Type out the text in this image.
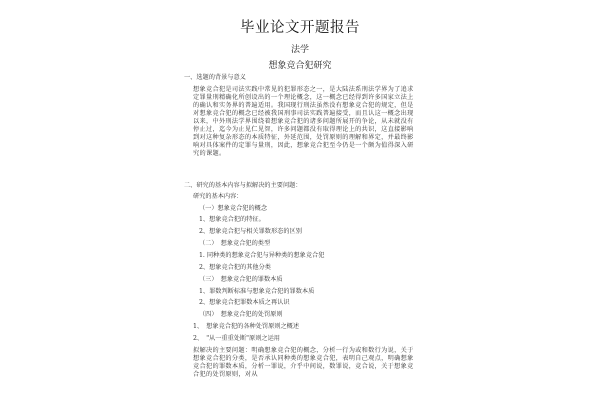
毕业论文开题报告
法学
想象竞合犯研究
一、选题的背景与意义
想象竞合犯是司法实践中常见的犯罪形态之一，是大陆法系刑法学界为了追求定罪量刑精确化所创设出的一个理论概念，这一概念已经得到许多国家立法上的确认和实务界的普遍适用。我国现行刑法虽然没有想象竞合犯的规定，但是对想象竞合犯的概念已经被我国刑事司法实践普遍接受，而且认这一概念出现以来，中外刑法学界围绕着想象竞合犯的诸多问题所展开的争论，从未就没有停止过，迄今为止见仁见智，许多问题都没有取得理论上的共识，这直接影响到对这种复杂形态的本质特征，外延范围，处罚原则的理解和界定，并最终影响对具体案件的定罪与量刑，因此，想象竞合犯至今仍是一个颇为值得深入研究的课题。
二、研究的基本内容与拟解决的主要问题：
研究的基本内容：
（一）想象竞合犯的概念
1、想象竞合犯的特征。
2、想象竞合犯与相关罪数形态的区别
（二）　想象竞合犯的类型
1. 同种类的想象竞合犯与异种类的想象竞合犯
2、想象竞合犯的其他分类
（三）　想象竞合犯的罪数本质
1、罪数判断标准与想象竞合犯的罪数本质
2、想象竞合犯罪数本质之再认识
（四）　想象竞合犯的处罚原则
1、　想象竞合犯的各种处罚原则之概述
2、　"从一重重处断"原则之运用
拟解决的主要问题：明确想象竞合犯的概念，分析一行为或和数行为说，关于想象竞合犯的分类，是否承认同种类的想象竞合犯，表明自己观点，明确想象竞合犯的罪数本质，分析一罪说，介乎中间说，数罪说，竞合说，关于想象竞合犯的处罚原则，对从
